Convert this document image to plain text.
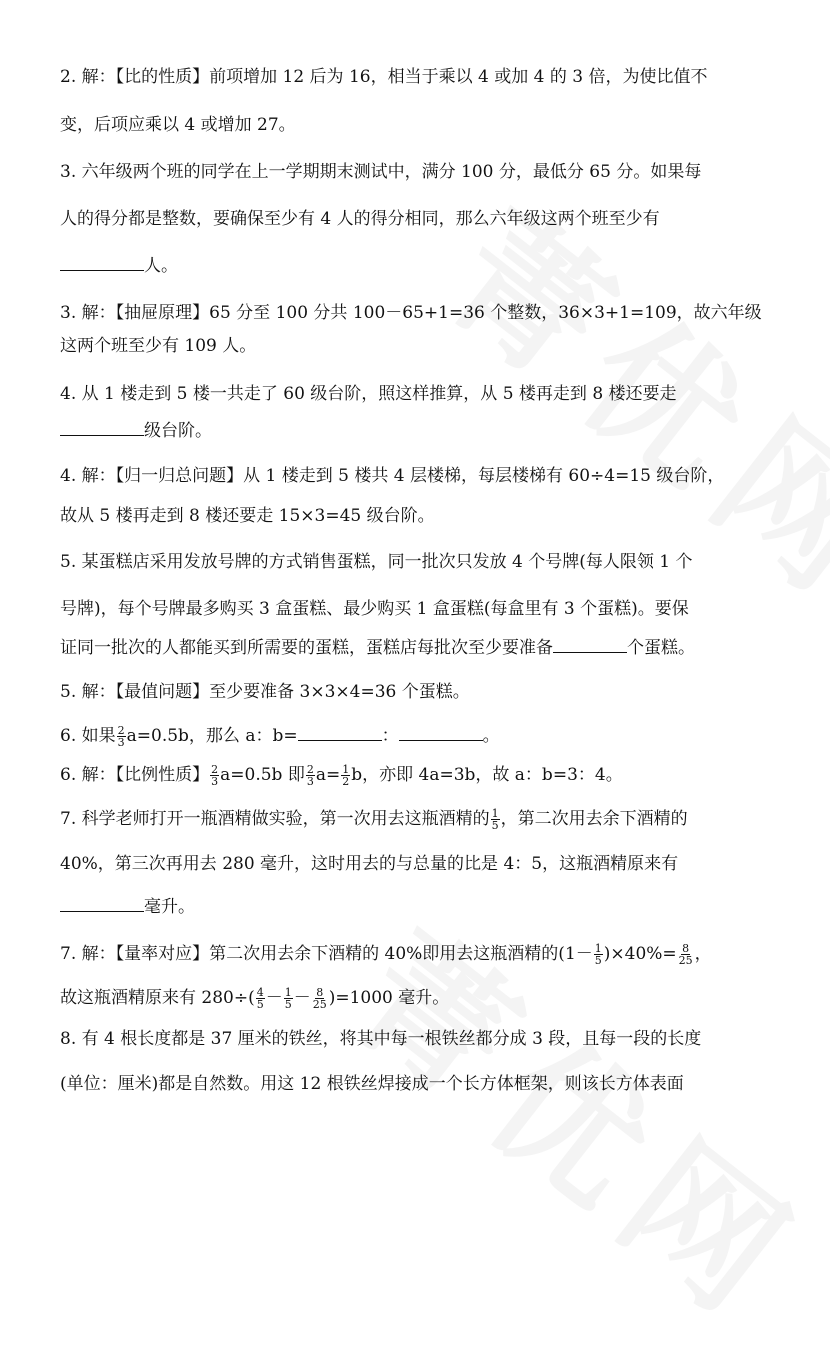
2. 解：【比的性质】前项增加 12 后为 16，相当于乘以 4 或加 4 的 3 倍，为使比值不
变，后项应乘以 4 或增加 27。
3. 六年级两个班的同学在上一学期期末测试中，满分 100 分，最低分 65 分。如果每
人的得分都是整数，要确保至少有 4 人的得分相同，那么六年级这两个班至少有
人。
3. 解：【抽屉原理】65 分至 100 分共 100－65+1=36 个整数，36×3+1=109，故六年级
这两个班至少有 109 人。
4. 从 1 楼走到 5 楼一共走了 60 级台阶，照这样推算，从 5 楼再走到 8 楼还要走
级台阶。
4. 解：【归一归总问题】从 1 楼走到 5 楼共 4 层楼梯，每层楼梯有 60÷4=15 级台阶，
故从 5 楼再走到 8 楼还要走 15×3=45 级台阶。
5. 某蛋糕店采用发放号牌的方式销售蛋糕，同一批次只发放 4 个号牌(每人限领 1 个
号牌)，每个号牌最多购买 3 盒蛋糕、最少购买 1 盒蛋糕(每盒里有 3 个蛋糕)。要保
证同一批次的人都能买到所需要的蛋糕，蛋糕店每批次至少要准备	个蛋糕。
5. 解：【最值问题】至少要准备 3×3×4=36 个蛋糕。
6. 如果 $\frac{2}{3} a=0.5b$，那么 a：b=	：	。
6. 解：【比例性质】 $\frac{2}{3} a=0.5b$ 即 $\frac{2}{3} a= \frac{1}{2}$ b，亦即 4a=3b，故 a：b=3：4。
7. 科学老师打开一瓶酒精做实验，第一次用去这瓶酒精的 $\frac{1}{5}$ ，第二次用去余下酒精的
40%，第三次再用去 280 毫升，这时用去的与总量的比是 4：5，这瓶酒精原来有
毫升。
7. 解：【量率对应】第二次用去余下酒精的 40%即用去这瓶酒精的$(1- \frac{1}{5} )\times 40\%= \frac{8}{25}$ ，
故这瓶酒精原来有 $280\div( \frac{4}{5} - \frac{1}{5} - \frac{8}{25} )=1000$ 毫升。
8. 有 4 根长度都是 37 厘米的铁丝，将其中每一根铁丝都分成 3 段，且每一段的长度
(单位：厘米)都是自然数。用这 12 根铁丝焊接成一个长方体框架，则该长方体表面
